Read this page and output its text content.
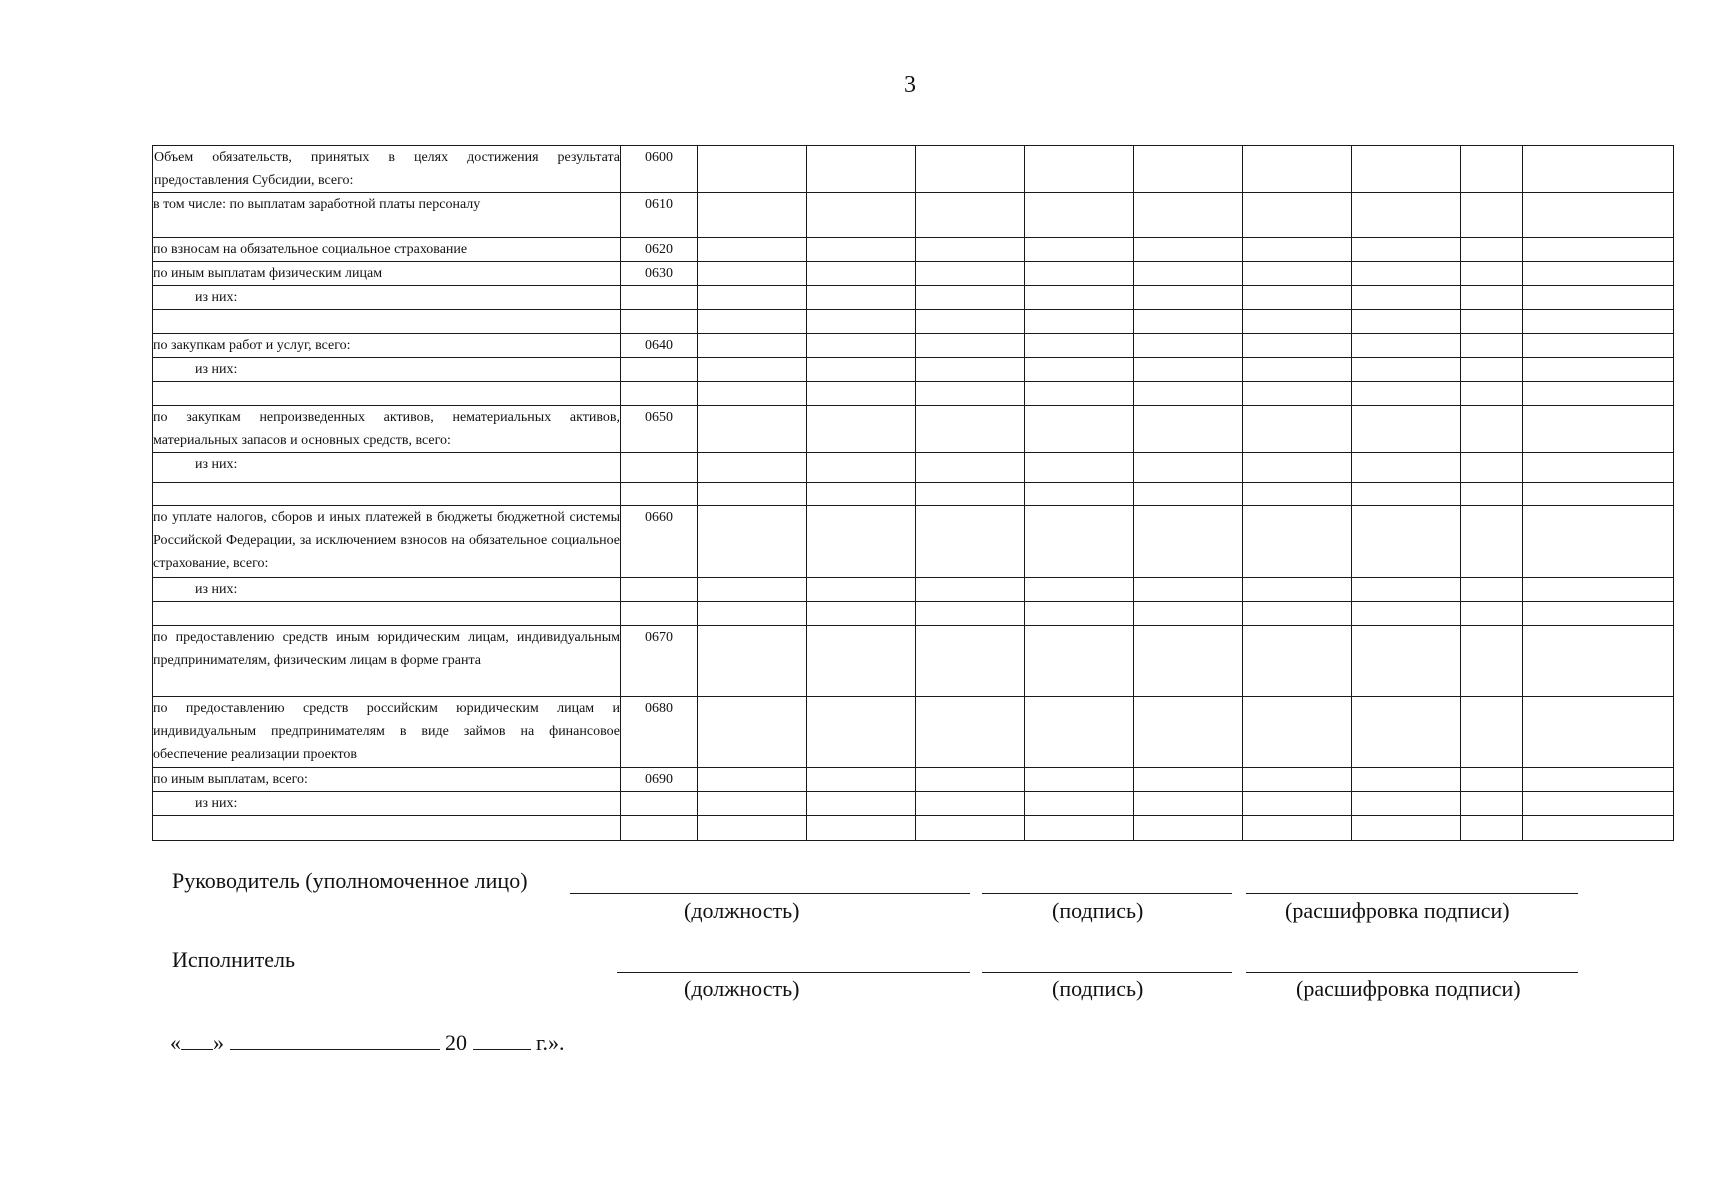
3
Объем обязательств, принятых в целях достижения результата предоставления Субсидии, всего:	0600									
в том числе: по выплатам заработной платы персоналу	0610									
по взносам на обязательное социальное страхование	0620									
по иным выплатам физическим лицам	0630									
из них:										

по закупкам работ и услуг, всего:	0640									
из них:										

по закупкам непроизведенных активов, нематериальных активов, материальных запасов и основных средств, всего:	0650									
из них:										

по уплате налогов, сборов и иных платежей в бюджеты бюджетной системы Российской Федерации, за исключением взносов на обязательное социальное страхование, всего:	0660									
из них:										

по предоставлению средств иным юридическим лицам, индивидуальным предпринимателям, физическим лицам в форме гранта	0670									
по предоставлению средств российским юридическим лицам и индивидуальным предпринимателям в виде займов на финансовое обеспечение реализации проектов	0680									
по иным выплатам, всего:	0690									
из них:										

Руководитель (уполномоченное лицо)
(должность)	(подпись)	(расшифровка подписи)
Исполнитель
(должность)	(подпись)	(расшифровка подписи)
« »	20	г.».
